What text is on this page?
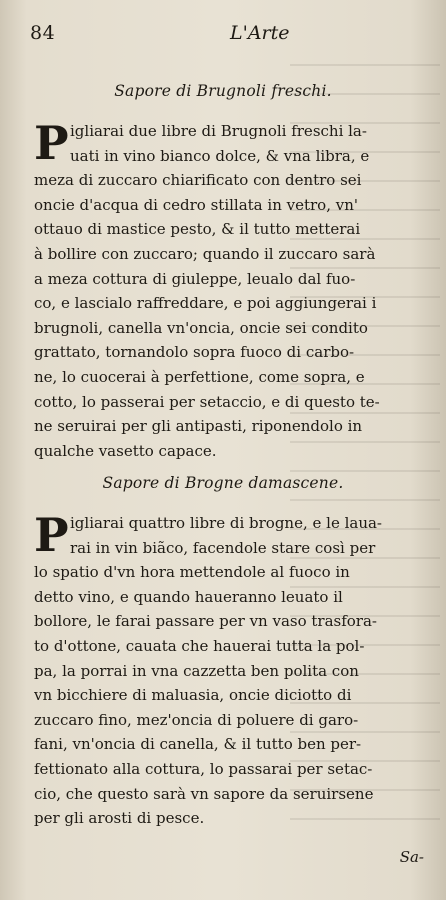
84	L'Arte
Sapore di Brugnoli freschi.
P igliarai due libre di Brugnoli freschi la-
uati in vino bianco dolce, & vna libra, e
meza di zuccaro chiarificato con dentro sei
oncie d'acqua di cedro stillata in vetro, vn'
ottauo di mastice pesto, & il tutto metterai
à bollire con zuccaro; quando il zuccaro sarà
a meza cottura di giuleppe, leualo dal fuo-
co, e lascialo raffreddare, e poi aggiungerai i
brugnoli, canella vn'oncia, oncie sei condito
grattato, tornandolo sopra fuoco di carbo-
ne, lo cuocerai à perfettione, come sopra, e
cotto, lo passerai per setaccio, e di questo te-
ne seruirai per gli antipasti, riponendolo in
qualche vasetto capace.
Sapore di Brogne damascene.
P igliarai quattro libre di brogne, e le laua-
rai in vin biãco, facendole stare così per
lo spatio d'vn hora mettendole al fuoco in
detto vino, e quando haueranno leuato il
bollore, le farai passare per vn vaso trasfora-
to d'ottone, cauata che hauerai tutta la pol-
pa, la porrai in vna cazzetta ben polita con
vn bicchiere di maluasia, oncie diciotto di
zuccaro fino, mez'oncia di poluere di garo-
fani, vn'oncia di canella, & il tutto ben per-
fettionato alla cottura, lo passarai per setac-
cio, che questo sarà vn sapore da seruirsene
per gli arosti di pesce.
Sa-
